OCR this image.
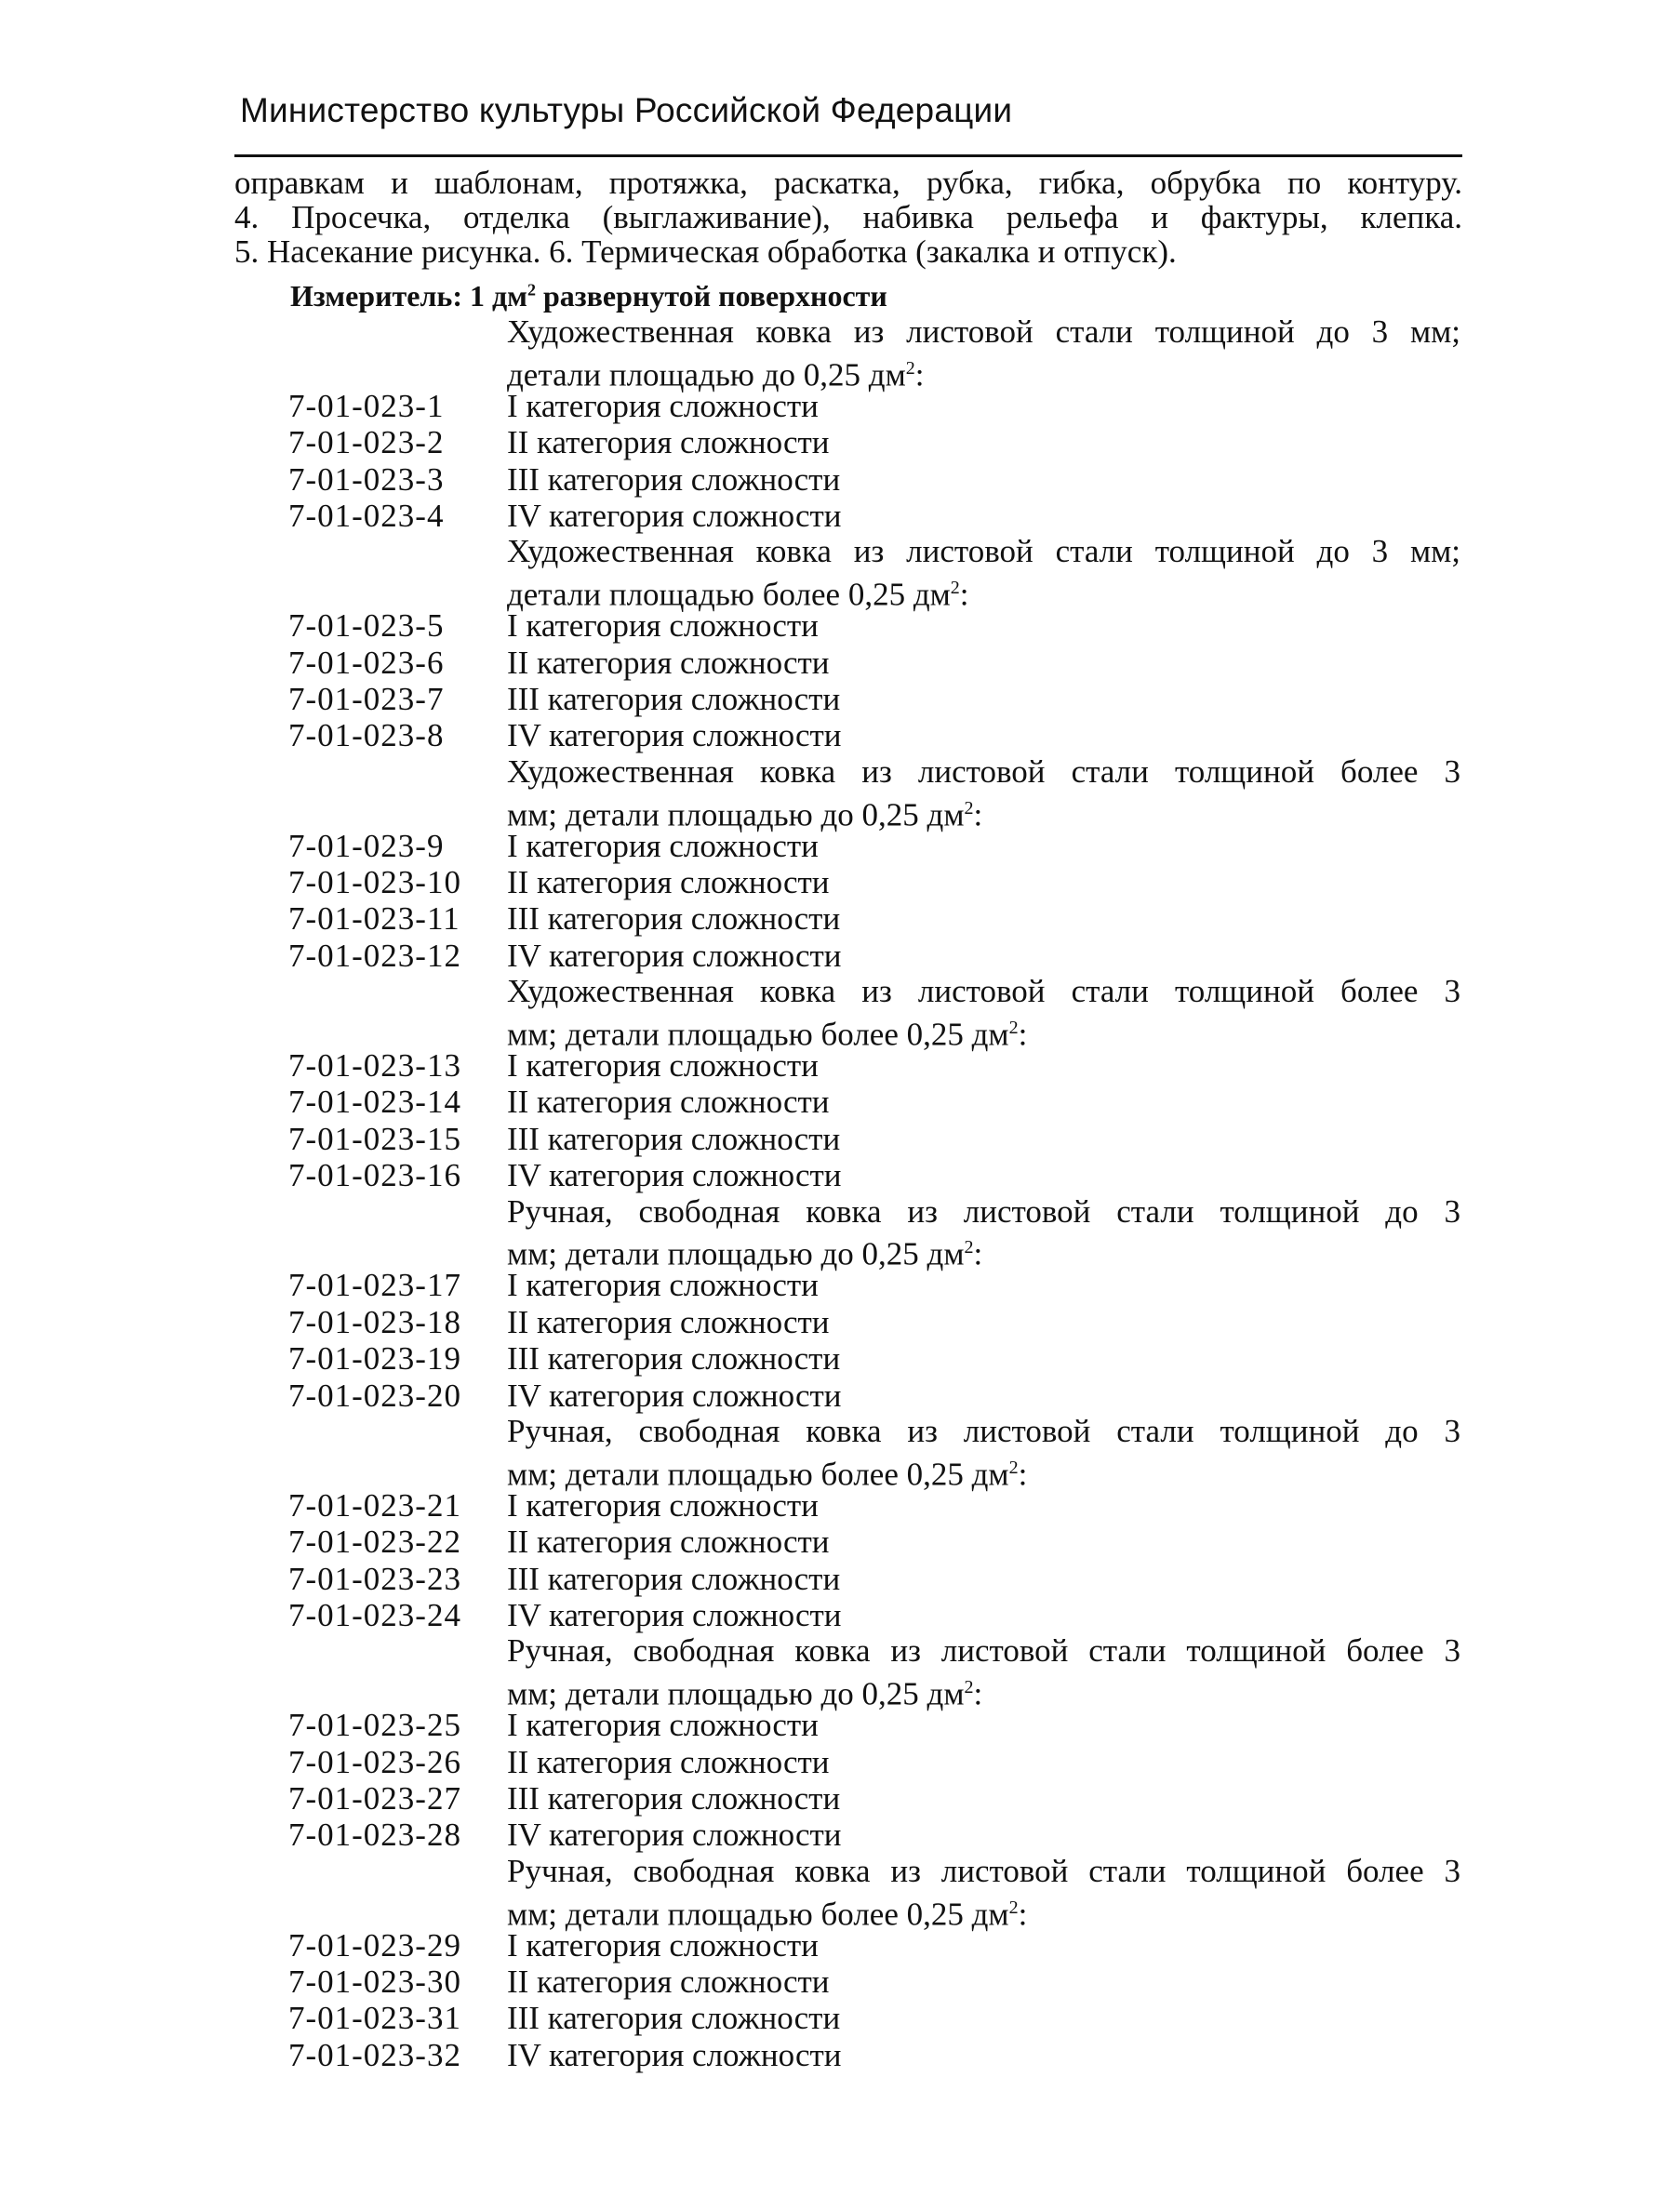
Министерство культуры Российской Федерации
оправкам и шаблонам, протяжка, раскатка, рубка, гибка, обрубка по контуру.
4. Просечка, отделка (выглаживание), набивка рельефа и фактуры, клепка.
5. Насекание рисунка. 6. Термическая обработка (закалка и отпуск).
Измеритель: 1 $дм^2$ развернутой поверхности
Художественная ковка из листовой стали толщиной до 3 мм;
детали площадью до 0,25 $дм^2$:
7-01-023-1 I категория сложности
7-01-023-2 II категория сложности
7-01-023-3 III категория сложности
7-01-023-4 IV категория сложности
Художественная ковка из листовой стали толщиной до 3 мм;
детали площадью более 0,25 $дм^2$:
7-01-023-5 I категория сложности
7-01-023-6 II категория сложности
7-01-023-7 III категория сложности
7-01-023-8 IV категория сложности
Художественная ковка из листовой стали толщиной более 3
мм; детали площадью до 0,25 $дм^2$:
7-01-023-9 I категория сложности
7-01-023-10 II категория сложности
7-01-023-11 III категория сложности
7-01-023-12 IV категория сложности
Художественная ковка из листовой стали толщиной более 3
мм; детали площадью более 0,25 $дм^2$:
7-01-023-13 I категория сложности
7-01-023-14 II категория сложности
7-01-023-15 III категория сложности
7-01-023-16 IV категория сложности
Ручная, свободная ковка из листовой стали толщиной до 3
мм; детали площадью до 0,25 $дм^2$:
7-01-023-17 I категория сложности
7-01-023-18 II категория сложности
7-01-023-19 III категория сложности
7-01-023-20 IV категория сложности
Ручная, свободная ковка из листовой стали толщиной до 3
мм; детали площадью более 0,25 $дм^2$:
7-01-023-21 I категория сложности
7-01-023-22 II категория сложности
7-01-023-23 III категория сложности
7-01-023-24 IV категория сложности
Ручная, свободная ковка из листовой стали толщиной более 3
мм; детали площадью до 0,25 $дм^2$:
7-01-023-25 I категория сложности
7-01-023-26 II категория сложности
7-01-023-27 III категория сложности
7-01-023-28 IV категория сложности
Ручная, свободная ковка из листовой стали толщиной более 3
мм; детали площадью более 0,25 $дм^2$:
7-01-023-29 I категория сложности
7-01-023-30 II категория сложности
7-01-023-31 III категория сложности
7-01-023-32 IV категория сложности
